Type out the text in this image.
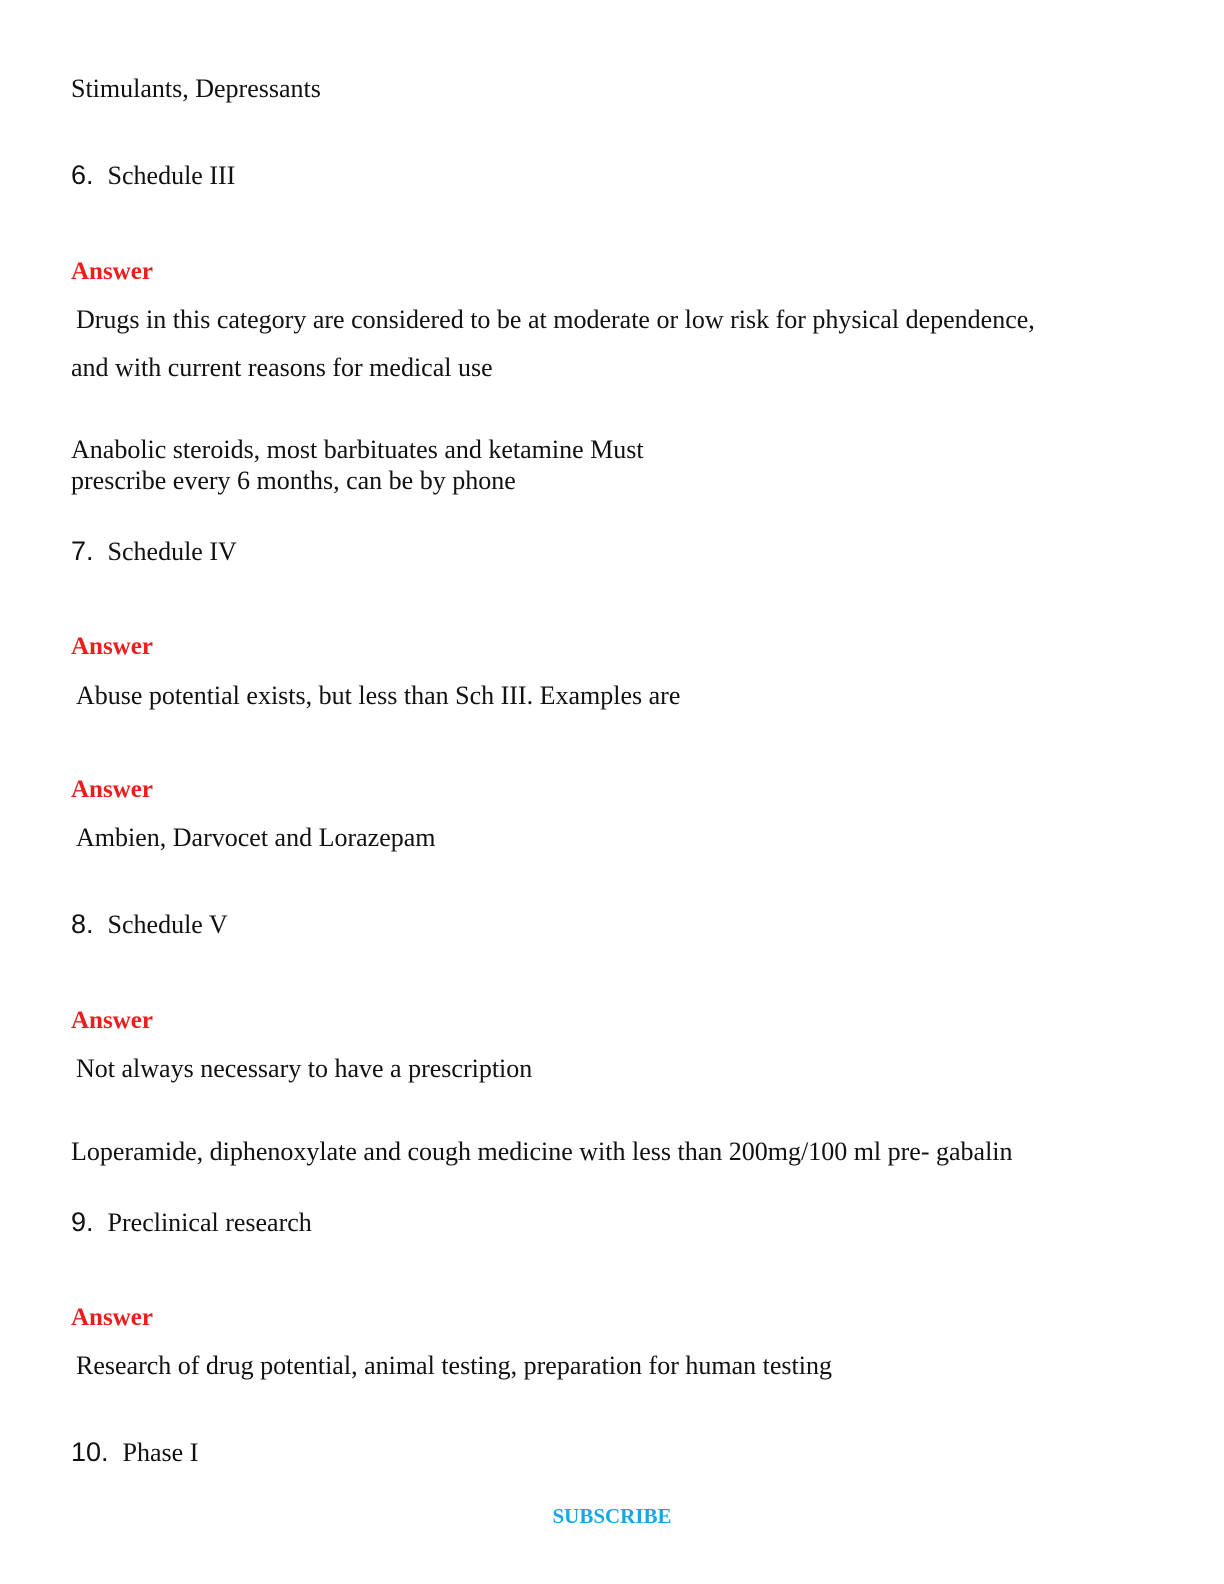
Stimulants, Depressants
6. Schedule III
Answer
Drugs in this category are considered to be at moderate or low risk for physical dependence,
and with current reasons for medical use
Anabolic steroids, most barbituates and ketamine Must
prescribe every 6 months, can be by phone
7. Schedule IV
Answer
Abuse potential exists, but less than Sch III. Examples are
Answer
Ambien, Darvocet and Lorazepam
8. Schedule V
Answer
Not always necessary to have a prescription
Loperamide, diphenoxylate and cough medicine with less than 200mg/100 ml pre- gabalin
9. Preclinical research
Answer
Research of drug potential, animal testing, preparation for human testing
10. Phase I
SUBSCRIBE
